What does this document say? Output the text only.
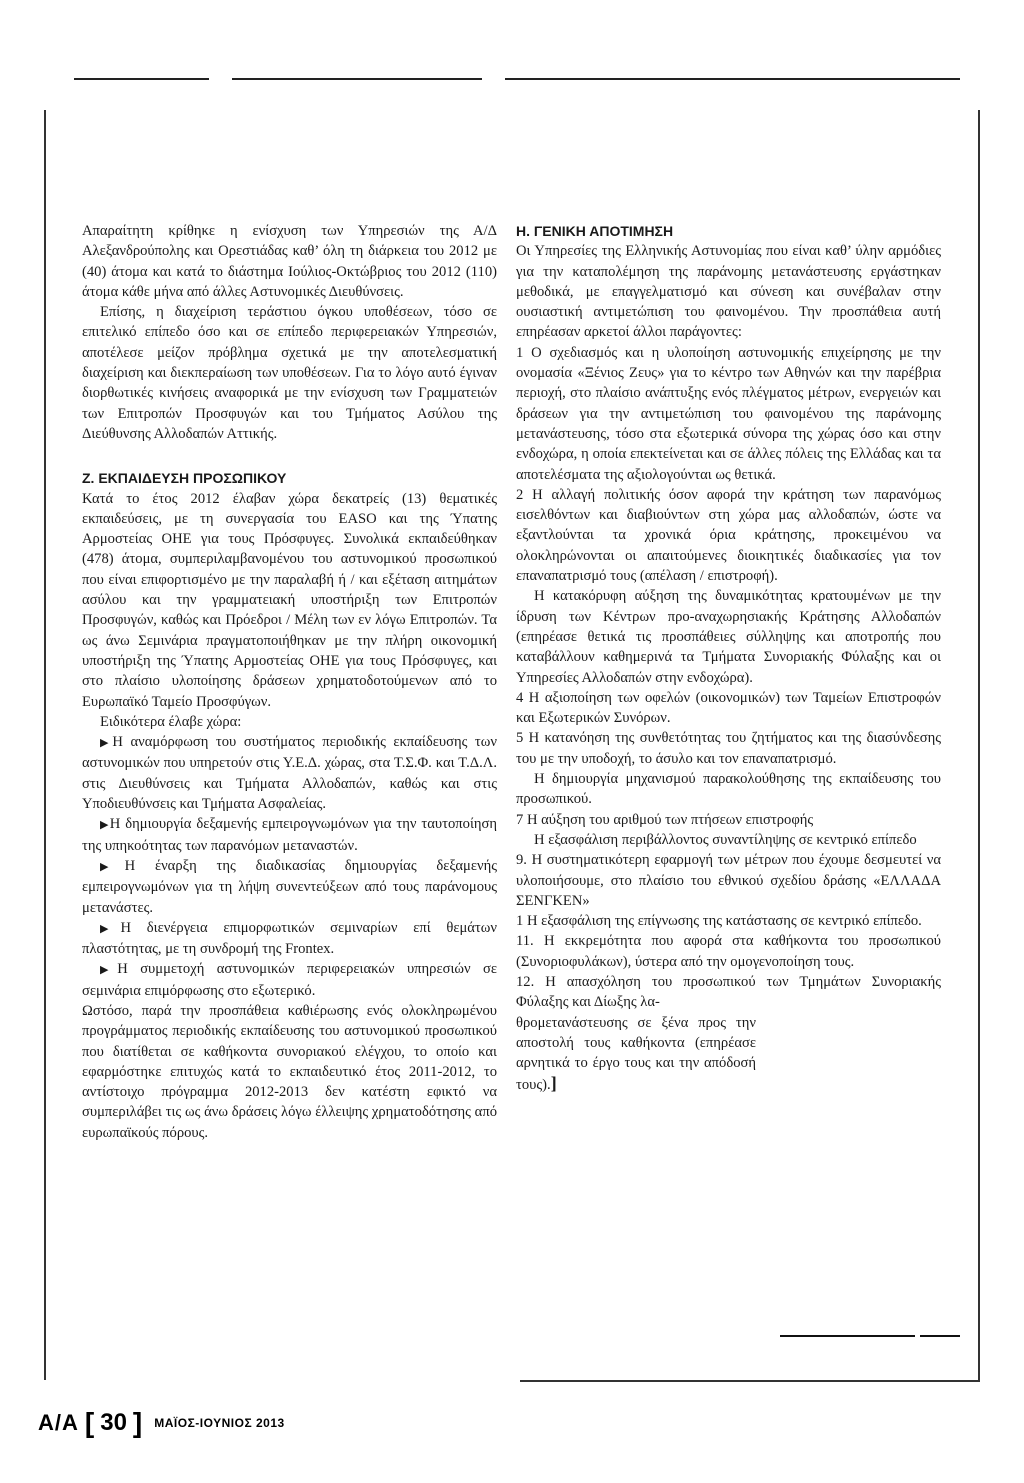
Απαραίτητη κρίθηκε η ενίσχυση των Υπηρεσιών της Α/Δ Αλεξανδρούπολης και Ορεστιάδας καθ’ όλη τη διάρκεια του 2012 με (40) άτομα και κατά το διάστημα Ιούλιος-Οκτώβριος του 2012 (110) άτομα κάθε μήνα από άλλες Αστυνομικές Διευθύνσεις.

Επίσης, η διαχείριση τεράστιου όγκου υποθέσεων, τόσο σε επιτελικό επίπεδο όσο και σε επίπεδο περιφερειακών Υπηρεσιών, αποτέλεσε μείζον πρόβλημα σχετικά με την αποτελεσματική διαχείριση και διεκπεραίωση των υποθέσεων. Για το λόγο αυτό έγιναν διορθωτικές κινήσεις αναφορικά με την ενίσχυση των Γραμματειών των Επιτροπών Προσφυγών και του Τμήματος Ασύλου της Διεύθυνσης Αλλοδαπών Αττικής.

Ζ. ΕΚΠΑΙΔΕΥΣΗ ΠΡΟΣΩΠΙΚΟΥ

Κατά το έτος 2012 έλαβαν χώρα δεκατρείς (13) θεματικές εκπαιδεύσεις, με τη συνεργασία του EASO και της Ύπατης Αρμοστείας ΟΗΕ για τους Πρόσφυγες. Συνολικά εκπαιδεύθηκαν (478) άτομα, συμπεριλαμβανομένου του αστυνομικού προσωπικού που είναι επιφορτισμένο με την παραλαβή ή / και εξέταση αιτημάτων ασύλου και την γραμματειακή υποστήριξη των Επιτροπών Προσφυγών, καθώς και Πρόεδροι / Μέλη των εν λόγω Επιτροπών. Τα ως άνω Σεμινάρια πραγματοποιήθηκαν με την πλήρη οικονομική υποστήριξη της Ύπατης Αρμοστείας ΟΗΕ για τους Πρόσφυγες, και στο πλαίσιο υλοποίησης δράσεων χρηματοδοτούμενων από το Ευρωπαϊκό Ταμείο Προσφύγων.

Ειδικότερα έλαβε χώρα:

▶Η αναμόρφωση του συστήματος περιοδικής εκπαίδευσης των αστυνομικών που υπηρετούν στις Υ.Ε.Δ. χώρας, στα Τ.Σ.Φ. και Τ.Δ.Λ. στις Διευθύνσεις και Τμήματα Αλλοδαπών, καθώς και στις Υποδιευθύνσεις και Τμήματα Ασφαλείας.

▶Η δημιουργία δεξαμενής εμπειρογνωμόνων για την ταυτοποίηση της υπηκοότητας των παρανόμων μεταναστών.

▶Η έναρξη της διαδικασίας δημιουργίας δεξαμενής εμπειρογνωμόνων για τη λήψη συνεντεύξεων από τους παράνομους μετανάστες.

▶Η διενέργεια επιμορφωτικών σεμιναρίων επί θεμάτων πλαστότητας, με τη συνδρομή της Frontex.

▶Η συμμετοχή αστυνομικών περιφερειακών υπηρεσιών σε σεμινάρια επιμόρφωσης στο εξωτερικό.

Ωστόσο, παρά την προσπάθεια καθιέρωσης ενός ολοκληρωμένου προγράμματος περιοδικής εκπαίδευσης του αστυνομικού προσωπικού που διατίθεται σε καθήκοντα συνοριακού ελέγχου, το οποίο και εφαρμόστηκε επιτυχώς κατά το εκπαιδευτικό έτος 2011-2012, το αντίστοιχο πρόγραμμα 2012-2013 δεν κατέστη εφικτό να συμπεριλάβει τις ως άνω δράσεις λόγω έλλειψης χρηματοδότησης από ευρωπαϊκούς πόρους.

Η. ΓΕΝΙΚΗ ΑΠΟΤΙΜΗΣΗ

Οι Υπηρεσίες της Ελληνικής Αστυνομίας που είναι καθ’ ύλην αρμόδιες για την καταπολέμηση της παράνομης μετανάστευσης εργάστηκαν μεθοδικά, με επαγγελματισμό και σύνεση και συνέβαλαν στην ουσιαστική αντιμετώπιση του φαινομένου. Την προσπάθεια αυτή επηρέασαν αρκετοί άλλοι παράγοντες:

1 Ο σχεδιασμός και η υλοποίηση αστυνομικής επιχείρησης με την ονομασία «Ξένιος Ζευς» για το κέντρο των Αθηνών και την παρέβρια περιοχή, στο πλαίσιο ανάπτυξης ενός πλέγματος μέτρων, ενεργειών και δράσεων για την αντιμετώπιση του φαινομένου της παράνομης μετανάστευσης, τόσο στα εξωτερικά σύνορα της χώρας όσο και στην ενδοχώρα, η οποία επεκτείνεται και σε άλλες πόλεις της Ελλάδας και τα αποτελέσματα της αξιολογούνται ως θετικά.

2 Η αλλαγή πολιτικής όσον αφορά την κράτηση των παρανόμως εισελθόντων και διαβιούντων στη χώρα μας αλλοδαπών, ώστε να εξαντλούνται τα χρονικά όρια κράτησης, προκειμένου να ολοκληρώνονται οι απαιτούμενες διοικητικές διαδικασίες για τον επαναπατρισμό τους (απέλαση / επιστροφή).

Η κατακόρυφη αύξηση της δυναμικότητας κρατουμένων με την ίδρυση των Κέντρων προ-αναχωρησιακής Κράτησης Αλλοδαπών (επηρέασε θετικά τις προσπάθειες σύλληψης και αποτροπής που καταβάλλουν καθημερινά τα Τμήματα Συνοριακής Φύλαξης και οι Υπηρεσίες Αλλοδαπών στην ενδοχώρα).

4 Η αξιοποίηση των οφελών (οικονομικών) των Ταμείων Επιστροφών και Εξωτερικών Συνόρων.

5 Η κατανόηση της συνθετότητας του ζητήματος και της διασύνδεσης του με την υποδοχή, το άσυλο και τον επαναπατρισμό.

Η δημιουργία μηχανισμού παρακολούθησης της εκπαίδευσης του προσωπικού.

7 Η αύξηση του αριθμού των πτήσεων επιστροφής

Η εξασφάλιση περιβάλλοντος συναντίληψης σε κεντρικό επίπεδο

9. Η συστηματικότερη εφαρμογή των μέτρων που έχουμε δεσμευτεί να υλοποιήσουμε, στο πλαίσιο του εθνικού σχεδίου δράσης «ΕΛΛΑΔΑ ΣΕΝΓΚΕΝ»

1 Η εξασφάλιση της επίγνωσης της κατάστασης σε κεντρικό επίπεδο.

11. Η εκκρεμότητα που αφορά στα καθήκοντα του προσωπικού (Συνοριοφυλάκων), ύστερα από την ομογενοποίηση τους.

12. Η απασχόληση του προσωπικού των Τμημάτων Συνοριακής Φύλαξης και Δίωξης λα-

θρομετανάστευσης σε ξένα προς την αποστολή τους καθήκοντα (επηρέασε αρνητικά το έργο τους και την απόδοσή τους).]

Α/Α [ 30 ] ΜΑΪΟΣ-ΙΟΥΝΙΟΣ 2013
